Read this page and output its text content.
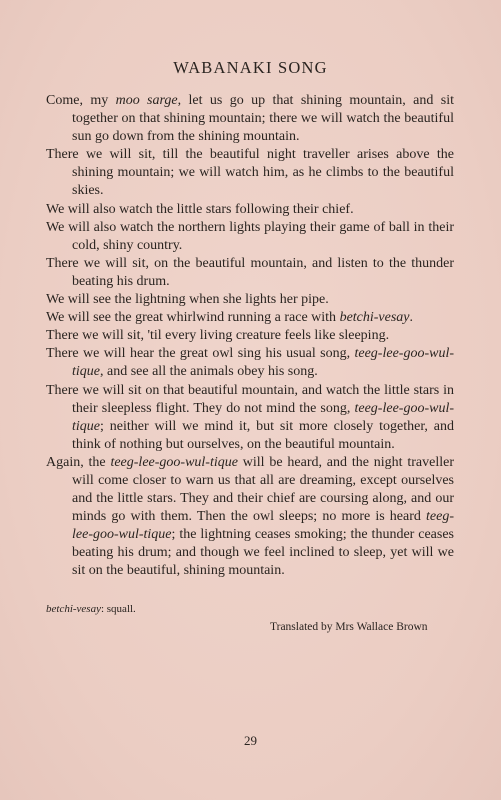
WABANAKI SONG
Come, my moo sarge, let us go up that shining mountain, and sit together on that shining mountain; there we will watch the beautiful sun go down from the shining mountain.
There we will sit, till the beautiful night traveller arises above the shining mountain; we will watch him, as he climbs to the beautiful skies.
We will also watch the little stars following their chief.
We will also watch the northern lights playing their game of ball in their cold, shiny country.
There we will sit, on the beautiful mountain, and listen to the thunder beating his drum.
We will see the lightning when she lights her pipe.
We will see the great whirlwind running a race with betchi-vesay.
There we will sit, 'til every living creature feels like sleeping.
There we will hear the great owl sing his usual song, teeg-lee-goo-wul-tique, and see all the animals obey his song.
There we will sit on that beautiful mountain, and watch the little stars in their sleepless flight. They do not mind the song, teeg-lee-goo-wul-tique; neither will we mind it, but sit more closely together, and think of nothing but ourselves, on the beautiful mountain.
Again, the teeg-lee-goo-wul-tique will be heard, and the night traveller will come closer to warn us that all are dreaming, except ourselves and the little stars. They and their chief are coursing along, and our minds go with them. Then the owl sleeps; no more is heard teeg-lee-goo-wul-tique; the lightning ceases smoking; the thunder ceases beating his drum; and though we feel inclined to sleep, yet will we sit on the beautiful, shining mountain.
betchi-vesay: squall.
Translated by Mrs Wallace Brown
29
